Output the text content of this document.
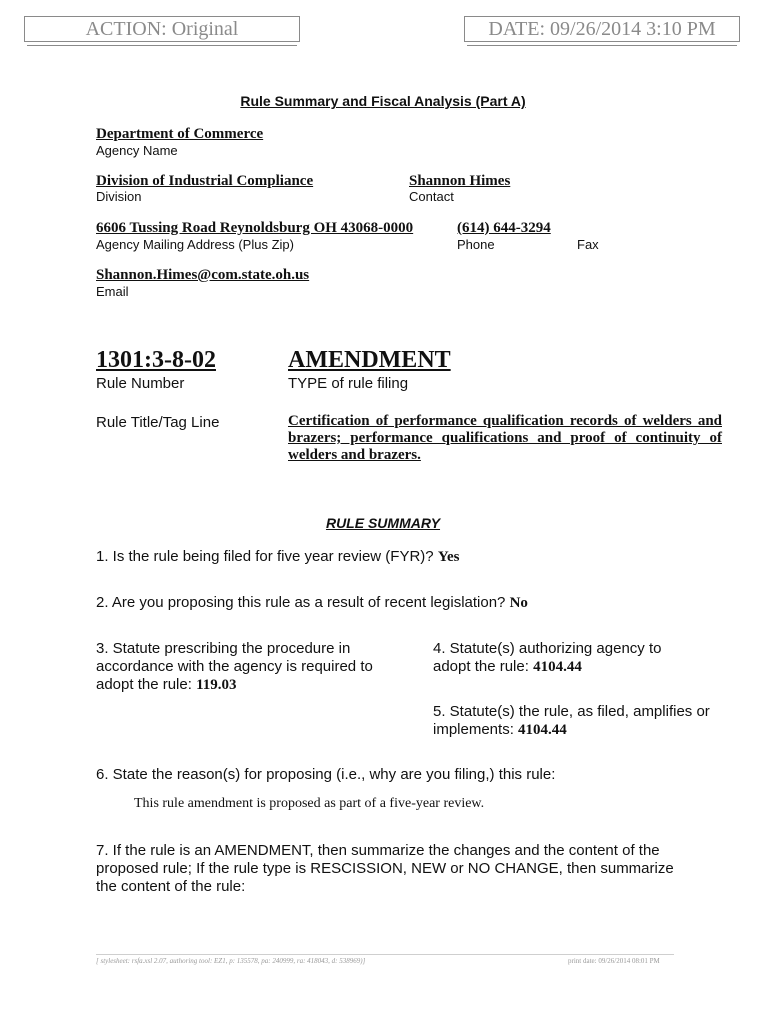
ACTION: Original	DATE: 09/26/2014 3:10 PM
Rule Summary and Fiscal Analysis (Part A)
Department of Commerce
Agency Name
Division of Industrial Compliance
Division
Shannon Himes
Contact
6606 Tussing Road Reynoldsburg OH 43068-0000
Agency Mailing Address (Plus Zip)
(614) 644-3294
Phone	Fax
Shannon.Himes@com.state.oh.us
Email
1301:3-8-02
Rule Number
AMENDMENT
TYPE of rule filing
Rule Title/Tag Line	Certification of performance qualification records of welders and brazers; performance qualifications and proof of continuity of welders and brazers.
RULE SUMMARY
1. Is the rule being filed for five year review (FYR)? Yes
2. Are you proposing this rule as a result of recent legislation? No
3. Statute prescribing the procedure in accordance with the agency is required to adopt the rule: 119.03
4. Statute(s) authorizing agency to adopt the rule: 4104.44
5. Statute(s) the rule, as filed, amplifies or implements: 4104.44
6. State the reason(s) for proposing (i.e., why are you filing,) this rule:
This rule amendment is proposed as part of a five-year review.
7. If the rule is an AMENDMENT, then summarize the changes and the content of the proposed rule; If the rule type is RESCISSION, NEW or NO CHANGE, then summarize the content of the rule:
[ stylesheet: rsfa.xsl 2.07, authoring tool: EZ1, p: 135578, pa: 240999, ra: 418043, d: 538969)]	print date: 09/26/2014 08:01 PM
